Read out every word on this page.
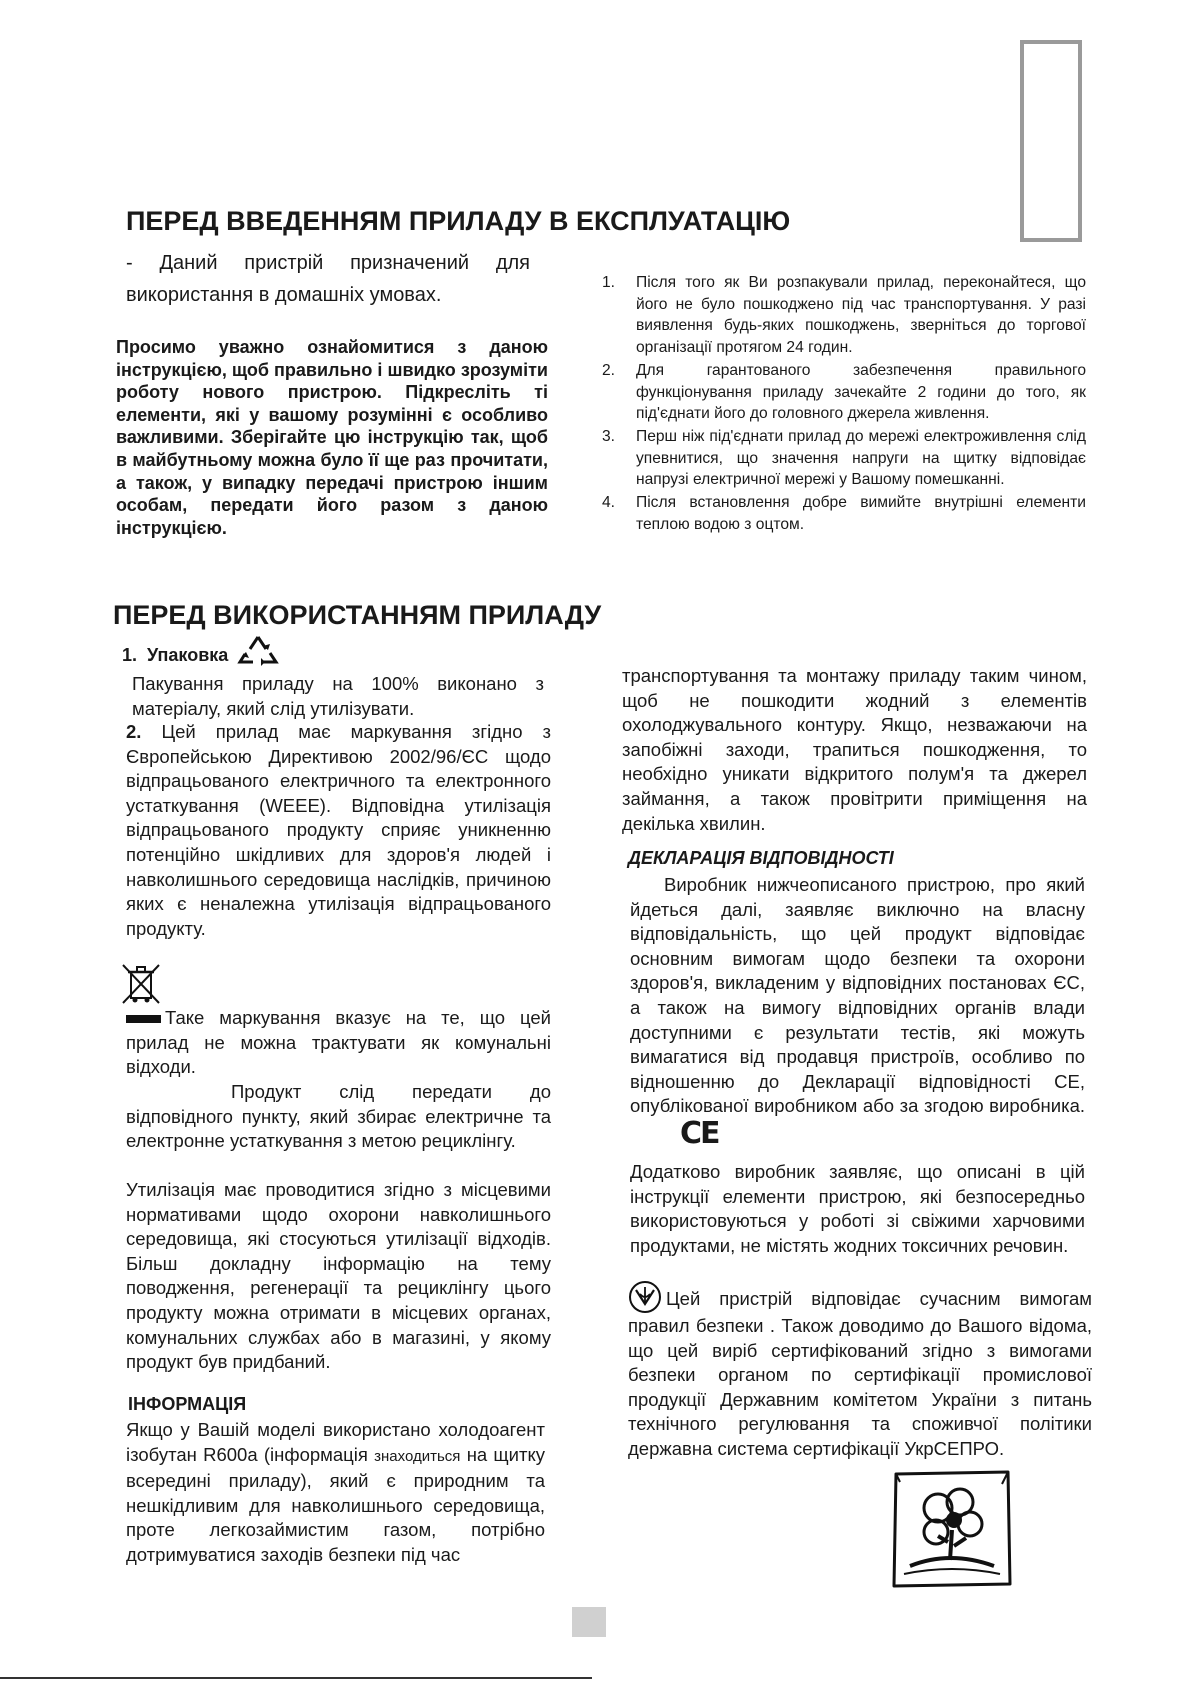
ПЕРЕД ВВЕДЕННЯМ ПРИЛАДУ В ЕКСПЛУАТАЦІЮ
- Даний пристрій призначений для використання в домашніх умовах.
Просимо уважно ознайомитися з даною інструкцією, щоб правильно і швидко зрозуміти роботу нового пристрою. Підкресліть ті елементи, які у вашому розумінні є особливо важливими. Зберігайте цю інструкцію так, щоб в майбутньому можна було її ще раз прочитати, а також, у випадку передачі пристрою іншим особам, передати його разом з даною інструкцією.
1. Після того як Ви розпакували прилад, переконайтеся, що його не було пошкоджено під час транспортування. У разі виявлення будь-яких пошкоджень, зверніться до торгової організації протягом 24 годин.
2. Для гарантованого забезпечення правильного функціонування приладу зачекайте 2 години до того, як під'єднати його до головного джерела живлення.
3. Перш ніж під'єднати прилад до мережі електроживлення слід упевнитися, що значення напруги на щитку відповідає напрузі електричної мережі у Вашому помешканні.
4. Після встановлення добре вимийте внутрішні елементи теплою водою з оцтом.
ПЕРЕД ВИКОРИСТАННЯМ ПРИЛАДУ
1. Упаковка
Пакування приладу на 100% виконано з матеріалу, який слід утилізувати.
2. Цей прилад має маркування згідно з Європейською Директивою 2002/96/ЄС щодо відпрацьованого електричного та електронного устаткування (WEEE). Відповідна утилізація відпрацьованого продукту сприяє уникненню потенційно шкідливих для здоров'я людей і навколишнього середовища наслідків, причиною яких є неналежна утилізація відпрацьованого продукту.
Таке маркування вказує на те, що цей прилад не можна трактувати як комунальні відходи.
Продукт слід передати до відповідного пункту, який збирає електричне та електронне устаткування з метою рециклінгу.
Утилізація має проводитися згідно з місцевими нормативами щодо охорони навколишнього середовища, які стосуються утилізації відходів. Більш докладну інформацію на тему поводження, регенерації та рециклінгу цього продукту можна отримати в місцевих органах, комунальних службах або в магазині, у якому продукт був придбаний.
ІНФОРМАЦІЯ
Якщо у Вашій моделі використано холодоагент ізобутан R600a (інформація знаходиться на щитку всередині приладу), який є природним та нешкідливим для навколишнього середовища, проте легкозаймистим газом, потрібно дотримуватися заходів безпеки під час
транспортування та монтажу приладу таким чином, щоб не пошкодити жодний з елементів охолоджувального контуру. Якщо, незважаючи на запобіжні заходи, трапиться пошкодження, то необхідно уникати відкритого полум'я та джерел займання, а також провітрити приміщення на декілька хвилин.
ДЕКЛАРАЦІЯ ВІДПОВІДНОСТІ
Виробник нижчеописаного пристрою, про який йдеться далі, заявляє виключно на власну відповідальність, що цей продукт відповідає основним вимогам щодо безпеки та охорони здоров'я, викладеним у відповідних постановах ЄС, а також на вимогу відповідних органів влади доступними є результати тестів, які можуть вимагатися від продавця пристроїв, особливо по відношенню до Декларації відповідності СЕ, опублікованої виробником або за згодою виробника. CE
Додатково виробник заявляє, що описані в цій інструкції елементи пристрою, які безпосередньо використовуються у роботі зі свіжими харчовими продуктами, не містять жодних токсичних речовин.
Цей пристрій відповідає сучасним вимогам правил безпеки . Також доводимо до Вашого відома, що цей виріб сертифікований згідно з вимогами безпеки органом по сертифікації промислової продукції Державним комітетом України з питань технічного регулювання та споживчої політики державна система сертифікації УкрСЕПРО.
